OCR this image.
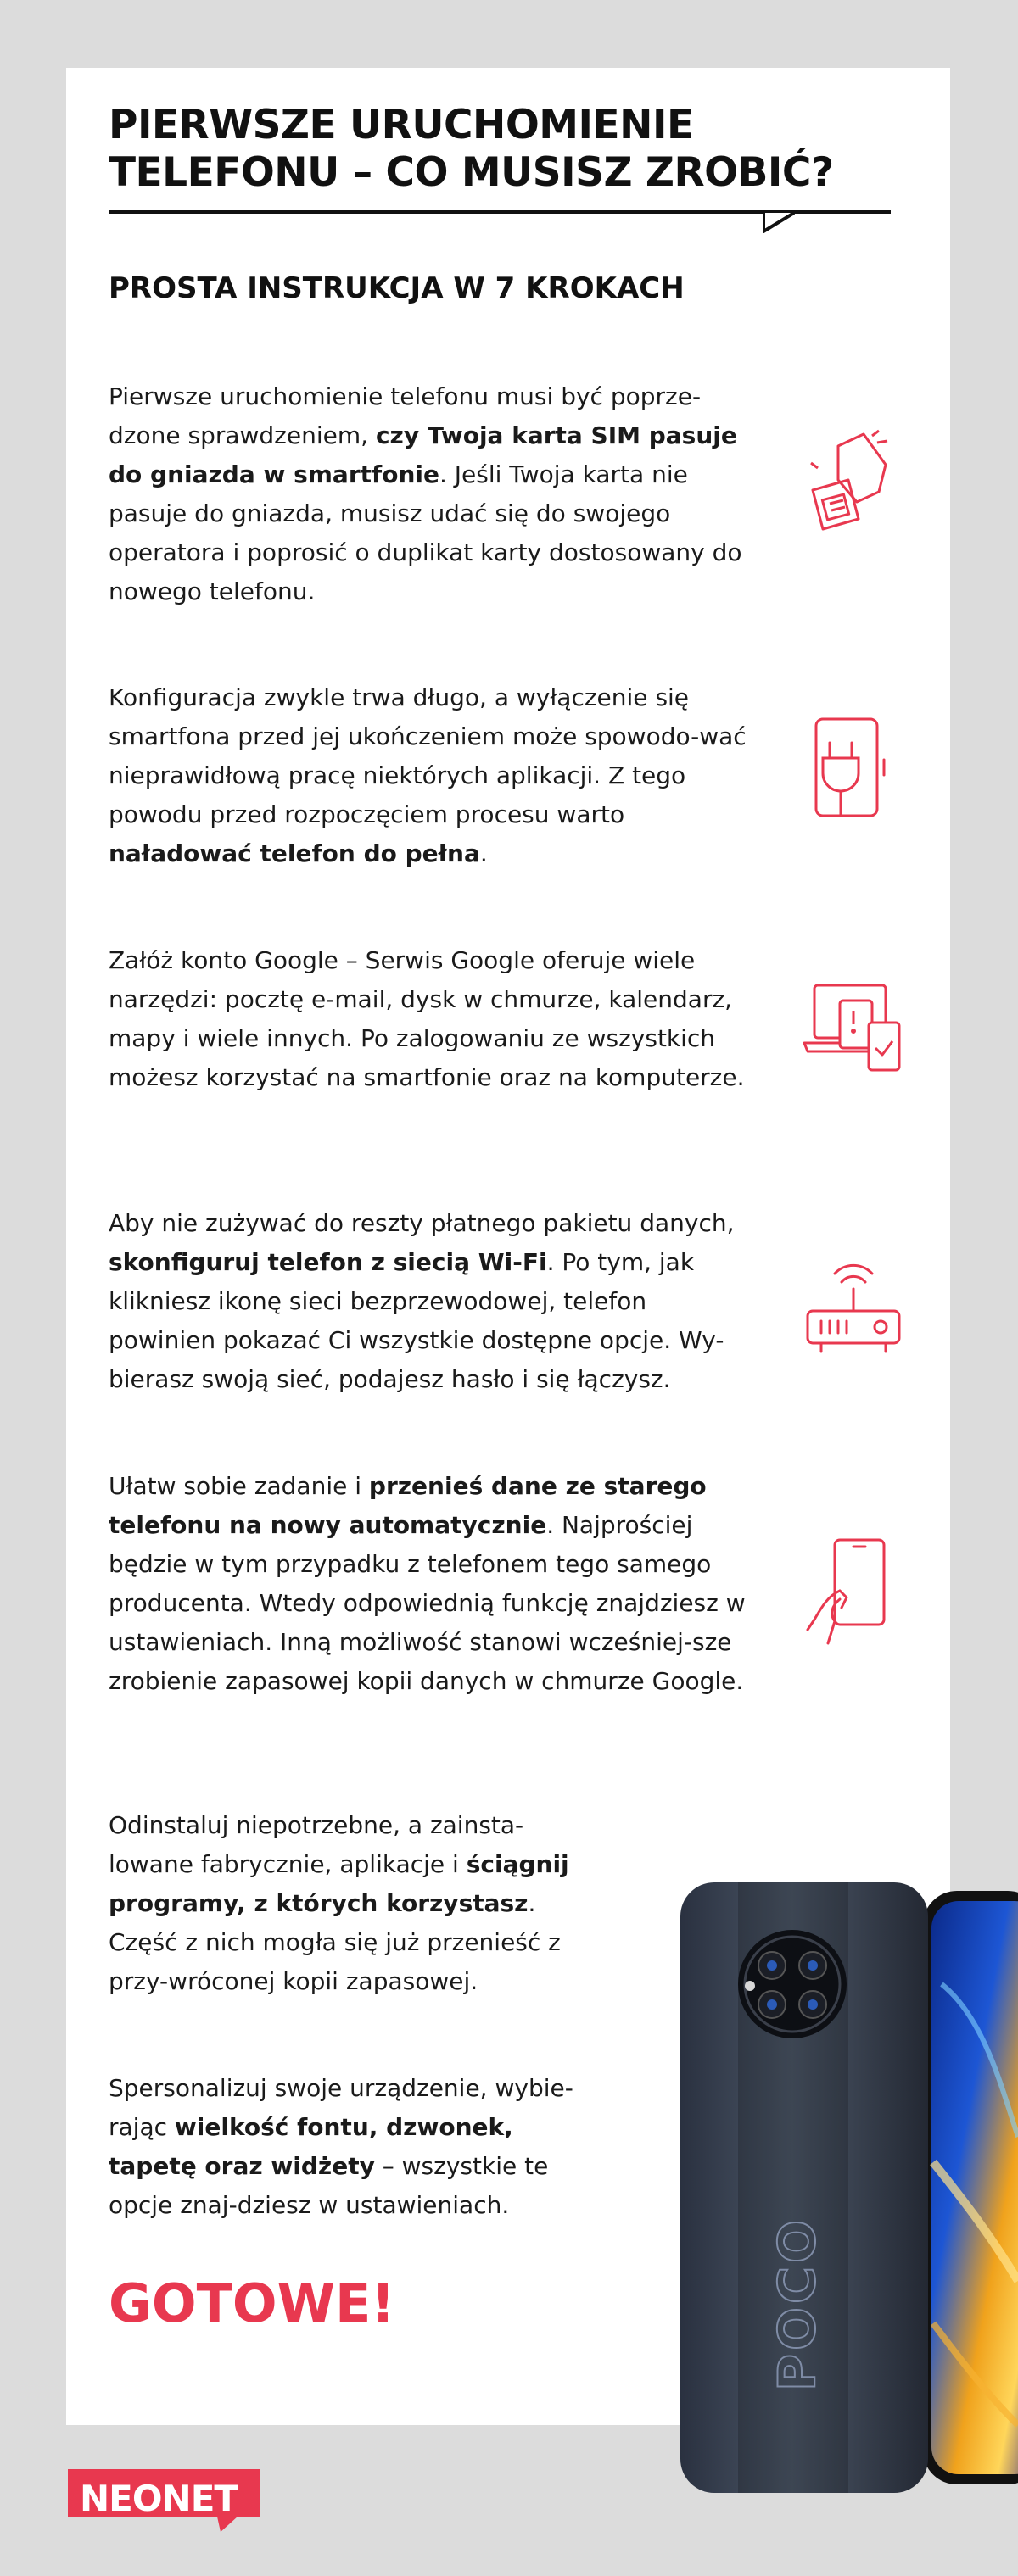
PIERWSZE URUCHOMIENIE
TELEFONU – CO MUSISZ ZROBIĆ?
PROSTA INSTRUKCJA W 7 KROKACH

Pierwsze uruchomienie telefonu musi być poprze-dzone sprawdzeniem, czy Twoja karta SIM pasuje do gniazda w smartfonie. Jeśli Twoja karta nie pasuje do gniazda, musisz udać się do swojego operatora i poprosić o duplikat karty dostosowany do nowego telefonu.

Konfiguracja zwykle trwa długo, a wyłączenie się smartfona przed jej ukończeniem może spowodo-wać nieprawidłową pracę niektórych aplikacji. Z tego powodu przed rozpoczęciem procesu warto naładować telefon do pełna.

Załóż konto Google – Serwis Google oferuje wiele narzędzi: pocztę e-mail, dysk w chmurze, kalendarz, mapy i wiele innych. Po zalogowaniu ze wszystkich możesz korzystać na smartfonie oraz na komputerze.

Aby nie zużywać do reszty płatnego pakietu danych, skonfiguruj telefon z siecią Wi-Fi. Po tym, jak klikniesz ikonę sieci bezprzewodowej, telefon powinien pokazać Ci wszystkie dostępne opcje. Wy-bierasz swoją sieć, podajesz hasło i się łączysz.

Ułatw sobie zadanie i przenieś dane ze starego telefonu na nowy automatycznie. Najprościej będzie w tym przypadku z telefonem tego samego producenta. Wtedy odpowiednią funkcję znajdziesz w ustawieniach. Inną możliwość stanowi wcześniej-sze zrobienie zapasowej kopii danych w chmurze Google.

Odinstaluj niepotrzebne, a zainsta-lowane fabrycznie, aplikacje i ściągnij programy, z których korzystasz. Część z nich mogła się już przenieść z przy-wróconej kopii zapasowej.

Spersonalizuj swoje urządzenie, wybie-rając wielkość fontu, dzwonek, tapetę oraz widżety – wszystkie te opcje znaj-dziesz w ustawieniach.

GOTOWE!	POCO
NEONET
